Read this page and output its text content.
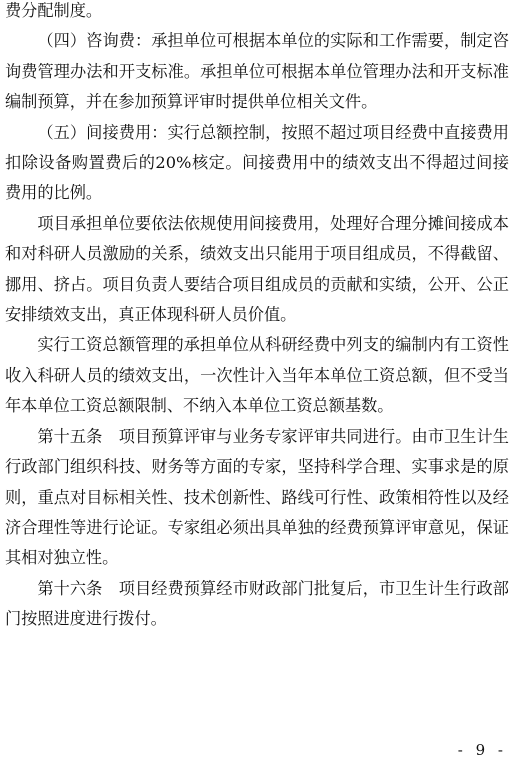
费分配制度。

（四）咨询费：承担单位可根据本单位的实际和工作需要，制定咨询费管理办法和开支标准。承担单位可根据本单位管理办法和开支标准编制预算，并在参加预算评审时提供单位相关文件。

（五）间接费用：实行总额控制，按照不超过项目经费中直接费用扣除设备购置费后的20%核定。间接费用中的绩效支出不得超过间接费用的比例。

项目承担单位要依法依规使用间接费用，处理好合理分摊间接成本和对科研人员激励的关系，绩效支出只能用于项目组成员，不得截留、挪用、挤占。项目负责人要结合项目组成员的贡献和实绩，公开、公正安排绩效支出，真正体现科研人员价值。

实行工资总额管理的承担单位从科研经费中列支的编制内有工资性收入科研人员的绩效支出，一次性计入当年本单位工资总额，但不受当年本单位工资总额限制、不纳入本单位工资总额基数。

第十五条　项目预算评审与业务专家评审共同进行。由市卫生计生行政部门组织科技、财务等方面的专家，坚持科学合理、实事求是的原则，重点对目标相关性、技术创新性、路线可行性、政策相符性以及经济合理性等进行论证。专家组必须出具单独的经费预算评审意见，保证其相对独立性。

第十六条　项目经费预算经市财政部门批复后，市卫生计生行政部门按照进度进行拨付。

- 9 -
